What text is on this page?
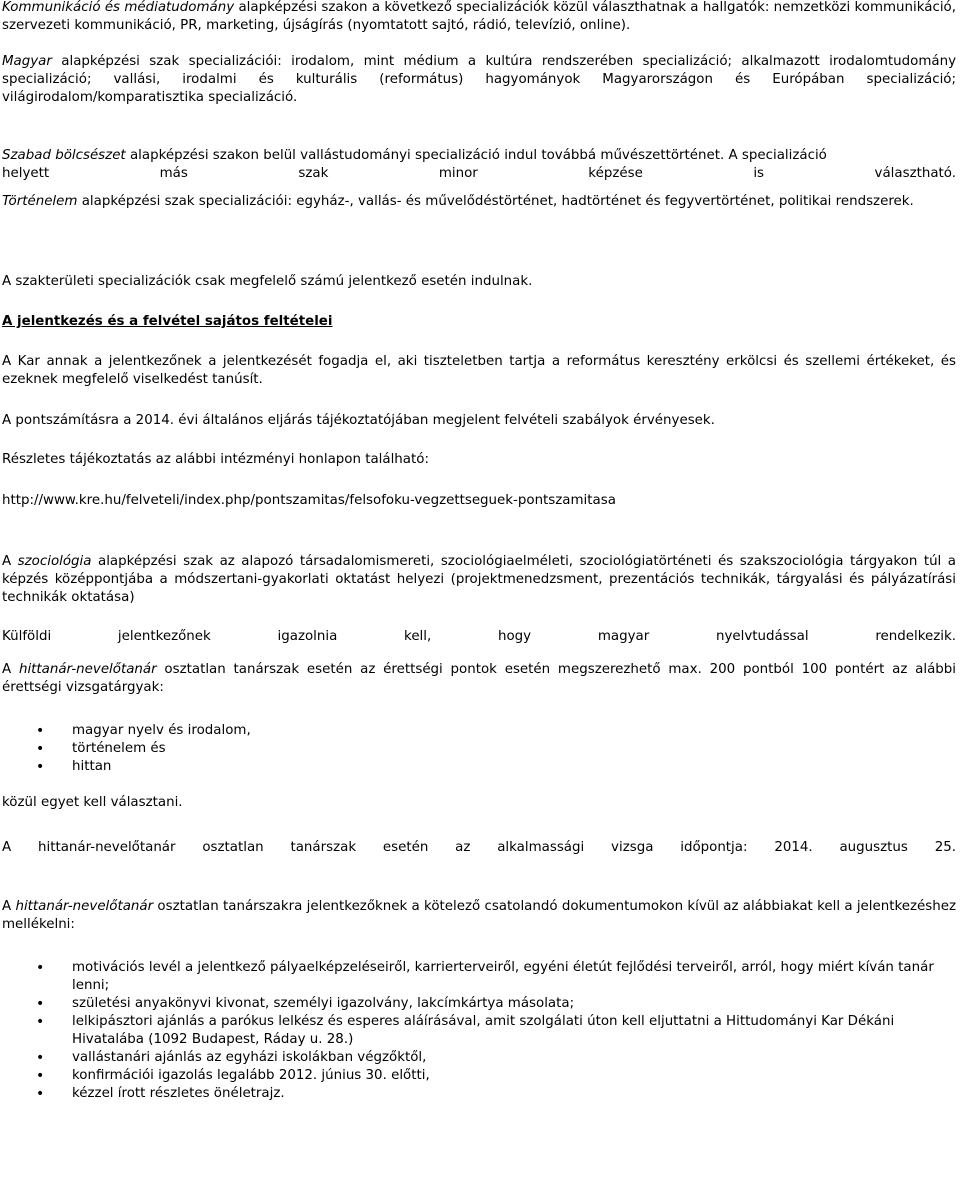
Kommunikáció és médiatudomány alapképzési szakon a következő specializációk közül választhatnak a hallgatók: nemzetközi kommunikáció, szervezeti kommunikáció, PR, marketing, újságírás (nyomtatott sajtó, rádió, televízió, online).

Magyar alapképzési szak specializációi: irodalom, mint médium a kultúra rendszerében specializáció; alkalmazott irodalomtudomány specializáció; vallási, irodalmi és kulturális (református) hagyományok Magyarországon és Európában specializáció; világirodalom/komparatisztika specializáció.

Szabad bölcsészet alapképzési szakon belül vallástudományi specializáció indul továbbá művészettörténet. A specializáció

helyett más szak minor képzése is választható.

Történelem alapképzési szak specializációi: egyház-, vallás- és művelődéstörténet, hadtörténet és fegyvertörténet, politikai rendszerek.

A szakterületi specializációk csak megfelelő számú jelentkező esetén indulnak.

A jelentkezés és a felvétel sajátos feltételei

A Kar annak a jelentkezőnek a jelentkezését fogadja el, aki tiszteletben tartja a református keresztény erkölcsi és szellemi értékeket, és ezeknek megfelelő viselkedést tanúsít.

A pontszámításra a 2014. évi általános eljárás tájékoztatójában megjelent felvételi szabályok érvényesek.

Részletes tájékoztatás az alábbi intézményi honlapon található:

http://www.kre.hu/felveteli/index.php/pontszamitas/felsofoku-vegzettseguek-pontszamitasa

A szociológia alapképzési szak az alapozó társadalomismereti, szociológiaelméleti, szociológiatörténeti és szakszociológia tárgyakon túl a képzés középpontjába a módszertani-gyakorlati oktatást helyezi (projektmenedzsment, prezentációs technikák, tárgyalási és pályázatírási technikák oktatása)

Külföldi jelentkezőnek igazolnia kell, hogy magyar nyelvtudással rendelkezik.

A hittanár-nevelőtanár osztatlan tanárszak esetén az érettségi pontok esetén megszerezhető max. 200 pontból 100 pontért az alábbi érettségi vizsgatárgyak:

• magyar nyelv és irodalom,
• történelem és
• hittan

közül egyet kell választani.

A hittanár-nevelőtanár osztatlan tanárszak esetén az alkalmassági vizsga időpontja: 2014. augusztus 25.

A hittanár-nevelőtanár osztatlan tanárszakra jelentkezőknek a kötelező csatolandó dokumentumokon kívül az alábbiakat kell a jelentkezéshez mellékelni:

• motivációs levél a jelentkező pályaelképzeléseiről, karrierterveiről, egyéni életút fejlődési terveiről, arról, hogy miért kíván tanár lenni;
• születési anyakönyvi kivonat, személyi igazolvány, lakcímkártya másolata;
• lelkipásztori ajánlás a parókus lelkész és esperes aláírásával, amit szolgálati úton kell eljuttatni a Hittudományi Kar Dékáni Hivatalába (1092 Budapest, Ráday u. 28.)
• vallástanári ajánlás az egyházi iskolákban végzőktől,
• konfirmációi igazolás legalább 2012. június 30. előtti,
• kézzel írott részletes önéletrajz.
